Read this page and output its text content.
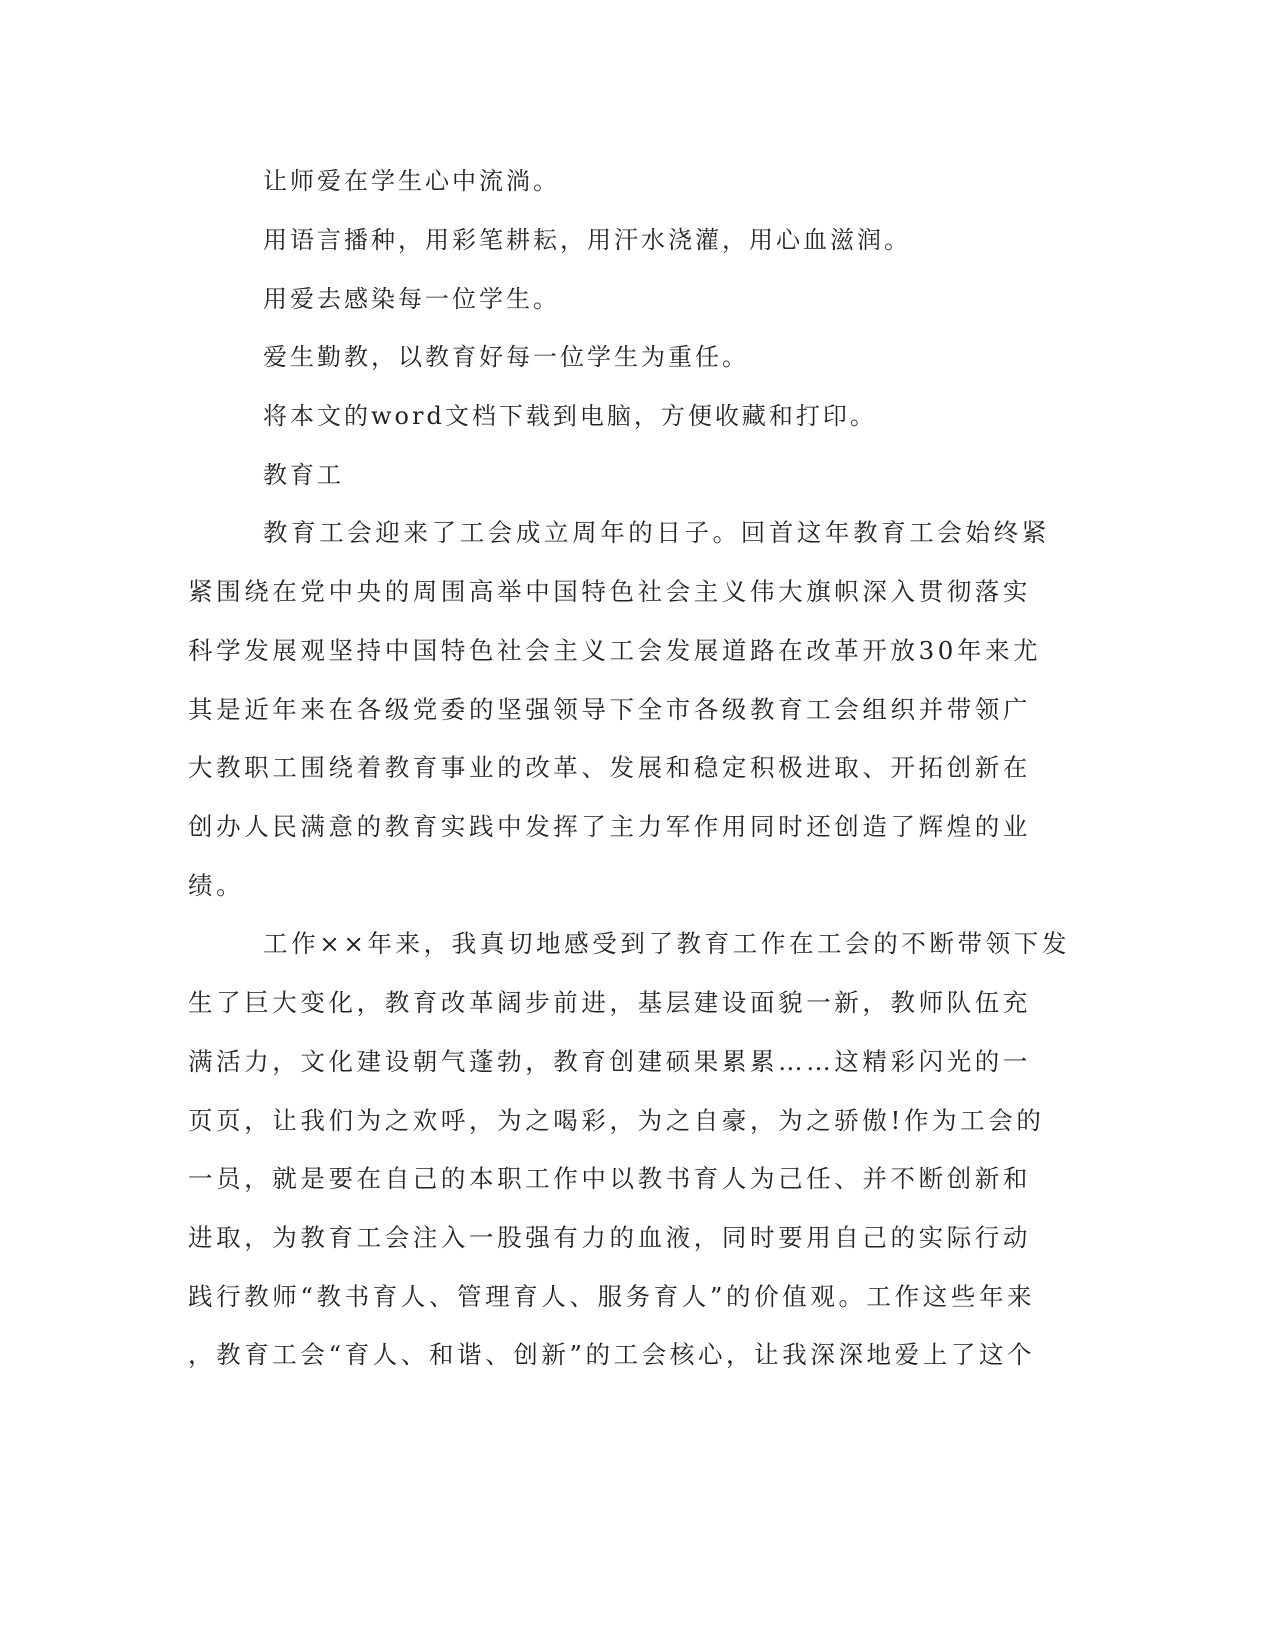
让师爱在学生心中流淌。

用语言播种，用彩笔耕耘，用汗水浇灌，用心血滋润。

用爱去感染每一位学生。

爱生勤教，以教育好每一位学生为重任。

将本文的word文档下载到电脑，方便收藏和打印。

教育工

教育工会迎来了工会成立周年的日子。回首这年教育工会始终紧

紧围绕在党中央的周围高举中国特色社会主义伟大旗帜深入贯彻落实

科学发展观坚持中国特色社会主义工会发展道路在改革开放30年来尤

其是近年来在各级党委的坚强领导下全市各级教育工会组织并带领广

大教职工围绕着教育事业的改革、发展和稳定积极进取、开拓创新在

创办人民满意的教育实践中发挥了主力军作用同时还创造了辉煌的业

绩。

工作××年来，我真切地感受到了教育工作在工会的不断带领下发

生了巨大变化，教育改革阔步前进，基层建设面貌一新，教师队伍充

满活力，文化建设朝气蓬勃，教育创建硕果累累……这精彩闪光的一

页页，让我们为之欢呼，为之喝彩，为之自豪，为之骄傲!作为工会的

一员，就是要在自己的本职工作中以教书育人为己任、并不断创新和

进取，为教育工会注入一股强有力的血液，同时要用自己的实际行动

践行教师“教书育人、管理育人、服务育人”的价值观。工作这些年来

，教育工会“育人、和谐、创新”的工会核心，让我深深地爱上了这个
